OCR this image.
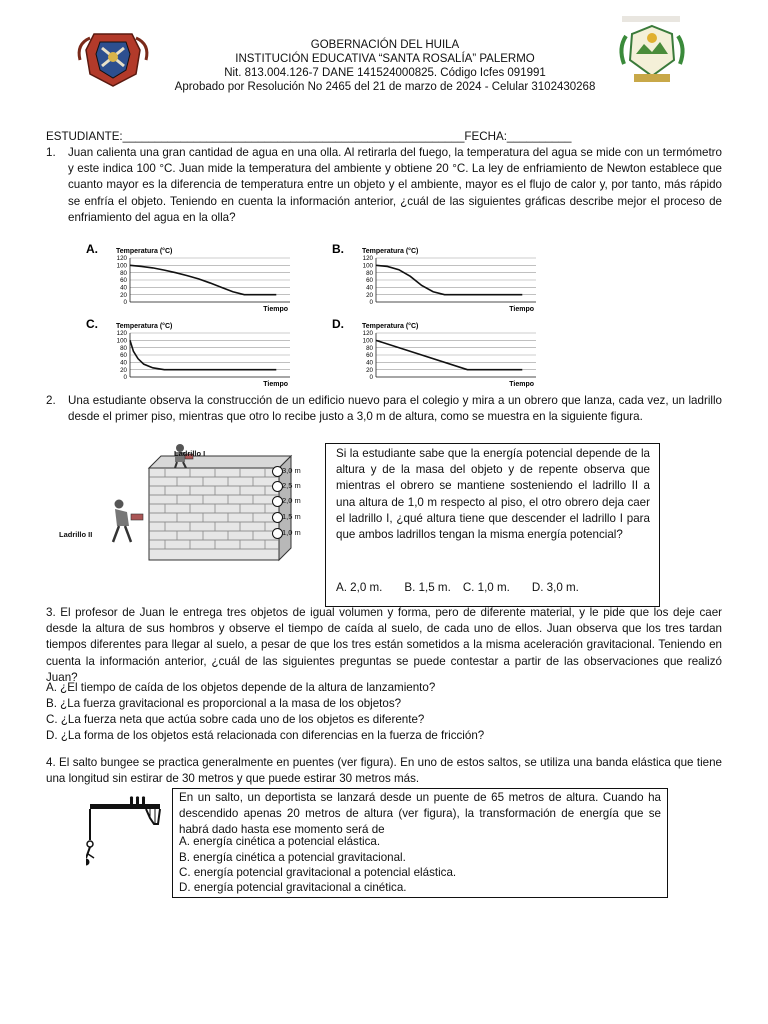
GOBERNACIÓN DEL HUILA
INSTITUCIÓN EDUCATIVA “SANTA ROSALÍA” PALERMO
Nit. 813.004.126-7 DANE 141524000825. Código Icfes 091991
Aprobado por Resolución No 2465 del 21 de marzo de 2024 - Celular 3102430268
ESTUDIANTE:_____________________________________________________FECHA:__________
1.	Juan calienta una gran cantidad de agua en una olla. Al retirarla del fuego, la temperatura del agua se mide con un termómetro y este indica 100 °C. Juan mide la temperatura del ambiente y obtiene 20 °C. La ley de enfriamiento de Newton establece que cuanto mayor es la diferencia de temperatura entre un objeto y el ambiente, mayor es el flujo de calor y, por tanto, más rápido se enfría el objeto. Teniendo en cuenta la información anterior, ¿cuál de las siguientes gráficas describe mejor el proceso de enfriamiento del agua en la olla?
A.	Temperatura (°C)
0
20
40
60
80
100
120
Tiempo
B.	Temperatura (°C)
0
20
40
60
80
100
120
Tiempo
C.	Temperatura (°C)
0
20
40
60
80
100
120
Tiempo
D.	Temperatura (°C)
0
20
40
60
80
100
120
Tiempo
2.	Una estudiante observa la construcción de un edificio nuevo para el colegio y mira a un obrero que lanza, cada vez, un ladrillo desde el primer piso, mientras que otro lo recibe justo a 3,0 m de altura, como se muestra en la siguiente figura.
Ladrillo I
Ladrillo II
3,0 m
2,5 m
2,0 m
1,5 m
1,0 m
Si la estudiante sabe que la energía potencial depende de la altura y de la masa del objeto y de repente observa que mientras el obrero se mantiene sosteniendo el ladrillo II a una altura de 1,0 m respecto al piso, el otro obrero deja caer el ladrillo I, ¿qué altura tiene que descender el ladrillo I para que ambos ladrillos tengan la misma energía potencial?
A. 2,0 m. B. 1,5 m. C. 1,0 m. D. 3,0 m.
3. El profesor de Juan le entrega tres objetos de igual volumen y forma, pero de diferente material, y le pide que los deje caer desde la altura de sus hombros y observe el tiempo de caída al suelo, de cada uno de ellos. Juan observa que los tres tardan tiempos diferentes para llegar al suelo, a pesar de que los tres están sometidos a la misma aceleración gravitacional. Teniendo en cuenta la información anterior, ¿cuál de las siguientes preguntas se puede contestar a partir de las observaciones que realizó Juan?
A. ¿El tiempo de caída de los objetos depende de la altura de lanzamiento?
B. ¿La fuerza gravitacional es proporcional a la masa de los objetos?
C. ¿La fuerza neta que actúa sobre cada uno de los objetos es diferente?
D. ¿La forma de los objetos está relacionada con diferencias en la fuerza de fricción?
4. El salto bungee se practica generalmente en puentes (ver figura). En uno de estos saltos, se utiliza una banda elástica que tiene una longitud sin estirar de 30 metros y que puede estirar 30 metros más.
En un salto, un deportista se lanzará desde un puente de 65 metros de altura. Cuando ha descendido apenas 20 metros de altura (ver figura), la transformación de energía que se habrá dado hasta ese momento será de
A. energía cinética a potencial elástica.
B. energía cinética a potencial gravitacional.
C. energía potencial gravitacional a potencial elástica.
D. energía potencial gravitacional a cinética.
